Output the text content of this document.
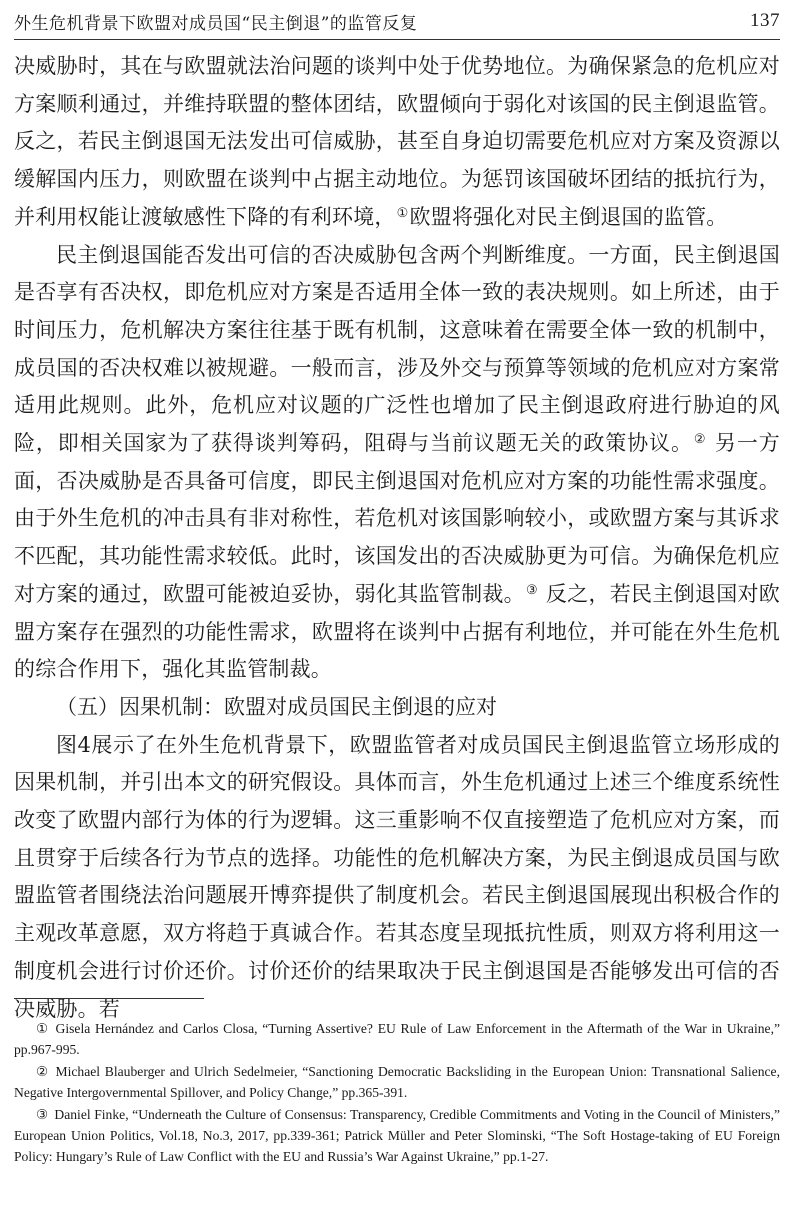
外生危机背景下欧盟对成员国“民主倒退”的监管反复	137

决威胁时，其在与欧盟就法治问题的谈判中处于优势地位。为确保紧急的危机应对方案顺利通过，并维持联盟的整体团结，欧盟倾向于弱化对该国的民主倒退监管。反之，若民主倒退国无法发出可信威胁，甚至自身迫切需要危机应对方案及资源以缓解国内压力，则欧盟在谈判中占据主动地位。为惩罚该国破坏团结的抵抗行为，并利用权能让渡敏感性下降的有利环境，①欧盟将强化对民主倒退国的监管。

民主倒退国能否发出可信的否决威胁包含两个判断维度。一方面，民主倒退国是否享有否决权，即危机应对方案是否适用全体一致的表决规则。如上所述，由于时间压力，危机解决方案往往基于既有机制，这意味着在需要全体一致的机制中，成员国的否决权难以被规避。一般而言，涉及外交与预算等领域的危机应对方案常适用此规则。此外，危机应对议题的广泛性也增加了民主倒退政府进行胁迫的风险，即相关国家为了获得谈判筹码，阻碍与当前议题无关的政策协议。② 另一方面，否决威胁是否具备可信度，即民主倒退国对危机应对方案的功能性需求强度。由于外生危机的冲击具有非对称性，若危机对该国影响较小，或欧盟方案与其诉求不匹配，其功能性需求较低。此时，该国发出的否决威胁更为可信。为确保危机应对方案的通过，欧盟可能被迫妥协，弱化其监管制裁。③ 反之，若民主倒退国对欧盟方案存在强烈的功能性需求，欧盟将在谈判中占据有利地位，并可能在外生危机的综合作用下，强化其监管制裁。

（五）因果机制：欧盟对成员国民主倒退的应对

图4展示了在外生危机背景下，欧盟监管者对成员国民主倒退监管立场形成的因果机制，并引出本文的研究假设。具体而言，外生危机通过上述三个维度系统性改变了欧盟内部行为体的行为逻辑。这三重影响不仅直接塑造了危机应对方案，而且贯穿于后续各行为节点的选择。功能性的危机解决方案，为民主倒退成员国与欧盟监管者围绕法治问题展开博弈提供了制度机会。若民主倒退国展现出积极合作的主观改革意愿，双方将趋于真诚合作。若其态度呈现抵抗性质，则双方将利用这一制度机会进行讨价还价。讨价还价的结果取决于民主倒退国是否能够发出可信的否决威胁。若

① Gisela Hernández and Carlos Closa, “Turning Assertive? EU Rule of Law Enforcement in the Aftermath of the War in Ukraine,” pp.967-995.

② Michael Blauberger and Ulrich Sedelmeier, “Sanctioning Democratic Backsliding in the European Union: Transnational Salience, Negative Intergovernmental Spillover, and Policy Change,” pp.365-391.

③ Daniel Finke, “Underneath the Culture of Consensus: Transparency, Credible Commitments and Voting in the Council of Ministers,” European Union Politics, Vol.18, No.3, 2017, pp.339-361; Patrick Müller and Peter Slominski, “The Soft Hostage-taking of EU Foreign Policy: Hungary’s Rule of Law Conflict with the EU and Russia’s War Against Ukraine,” pp.1-27.
